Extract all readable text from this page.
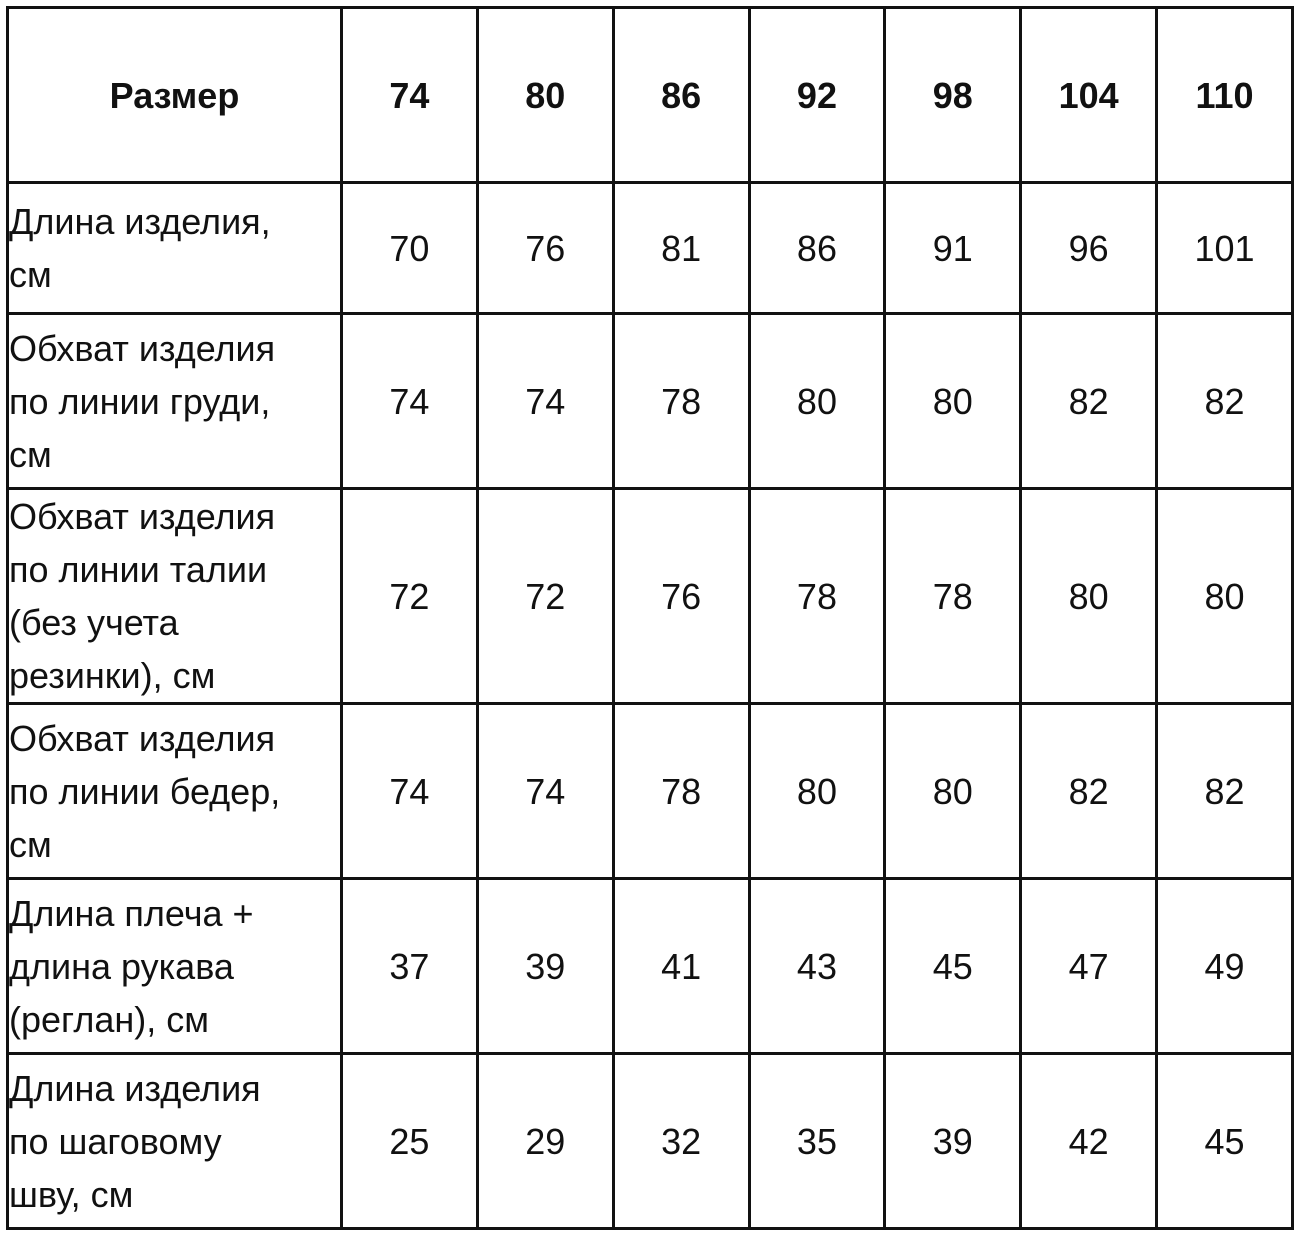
Размер	74	80	86	92	98	104	110
Длина изделия,
см	70	76	81	86	91	96	101
Обхват изделия
по линии груди,
см	74	74	78	80	80	82	82
Обхват изделия
по линии талии
(без учета
резинки), см	72	72	76	78	78	80	80
Обхват изделия
по линии бедер,
см	74	74	78	80	80	82	82
Длина плеча +
длина рукава
(реглан), см	37	39	41	43	45	47	49
Длина изделия
по шаговому
шву, см	25	29	32	35	39	42	45
